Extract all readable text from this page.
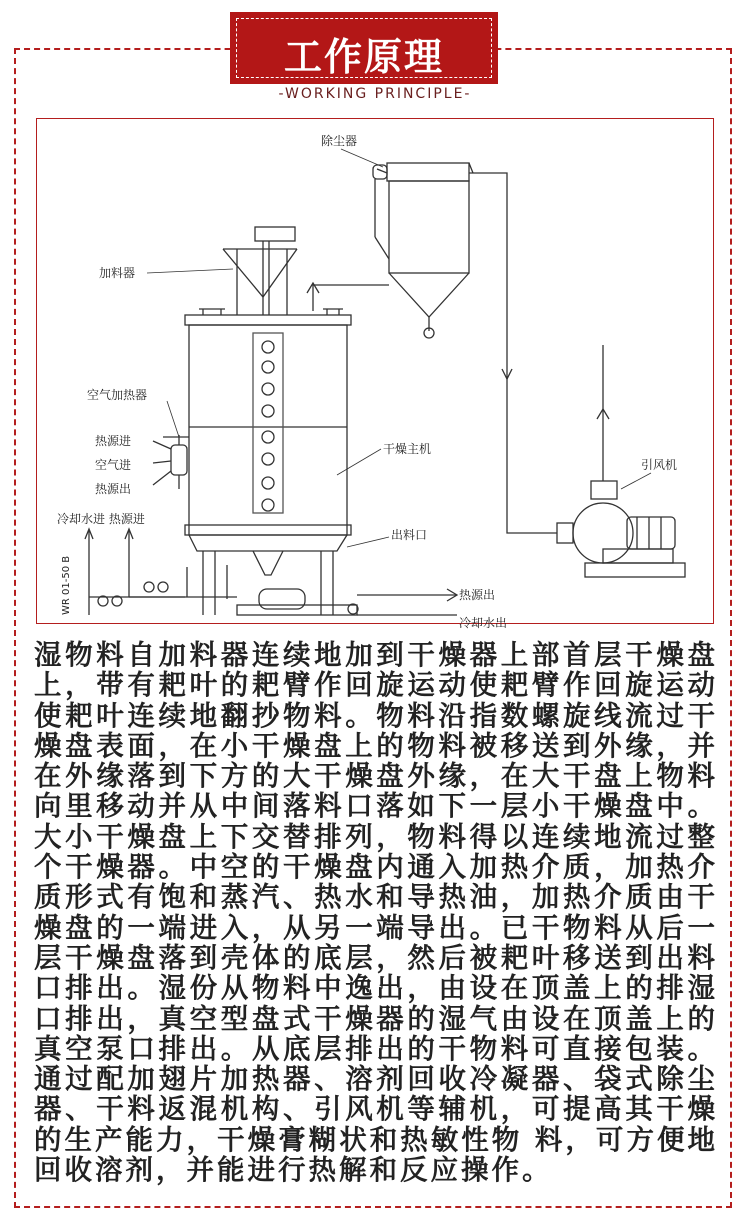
工作原理
-WORKING PRINCIPLE-
除尘器
加料器
空气加热器
热源进
空气进
热源出
冷却水进 热源进
干燥主机
引风机
出料口
热源出
冷却水出
WR 01-50 B

湿物料自加料器连续地加到干燥器上部首层干燥盘上，带有耙叶的耙臂作回旋运动使耙臂作回旋运动使耙叶连续地翻抄物料。物料沿指数螺旋线流过干燥盘表面，在小干燥盘上的物料被移送到外缘，并在外缘落到下方的大干燥盘外缘，在大干盘上物料向里移动并从中间落料口落如下一层小干燥盘中。大小干燥盘上下交替排列，物料得以连续地流过整个干燥器。中空的干燥盘内通入加热介质，加热介质形式有饱和蒸汽、热水和导热油，加热介质由干燥盘的一端进入，从另一端导出。已干物料从后一层干燥盘落到壳体的底层，然后被耙叶移送到出料口排出。湿份从物料中逸出，由设在顶盖上的排湿口排出，真空型盘式干燥器的湿气由设在顶盖上的真空泵口排出。从底层排出的干物料可直接包装。通过配加翅片加热器、溶剂回收冷凝器、袋式除尘器、干料返混机构、引风机等辅机，可提高其干燥的生产能力，干燥膏糊状和热敏性物 料，可方便地回收溶剂，并能进行热解和反应操作。
